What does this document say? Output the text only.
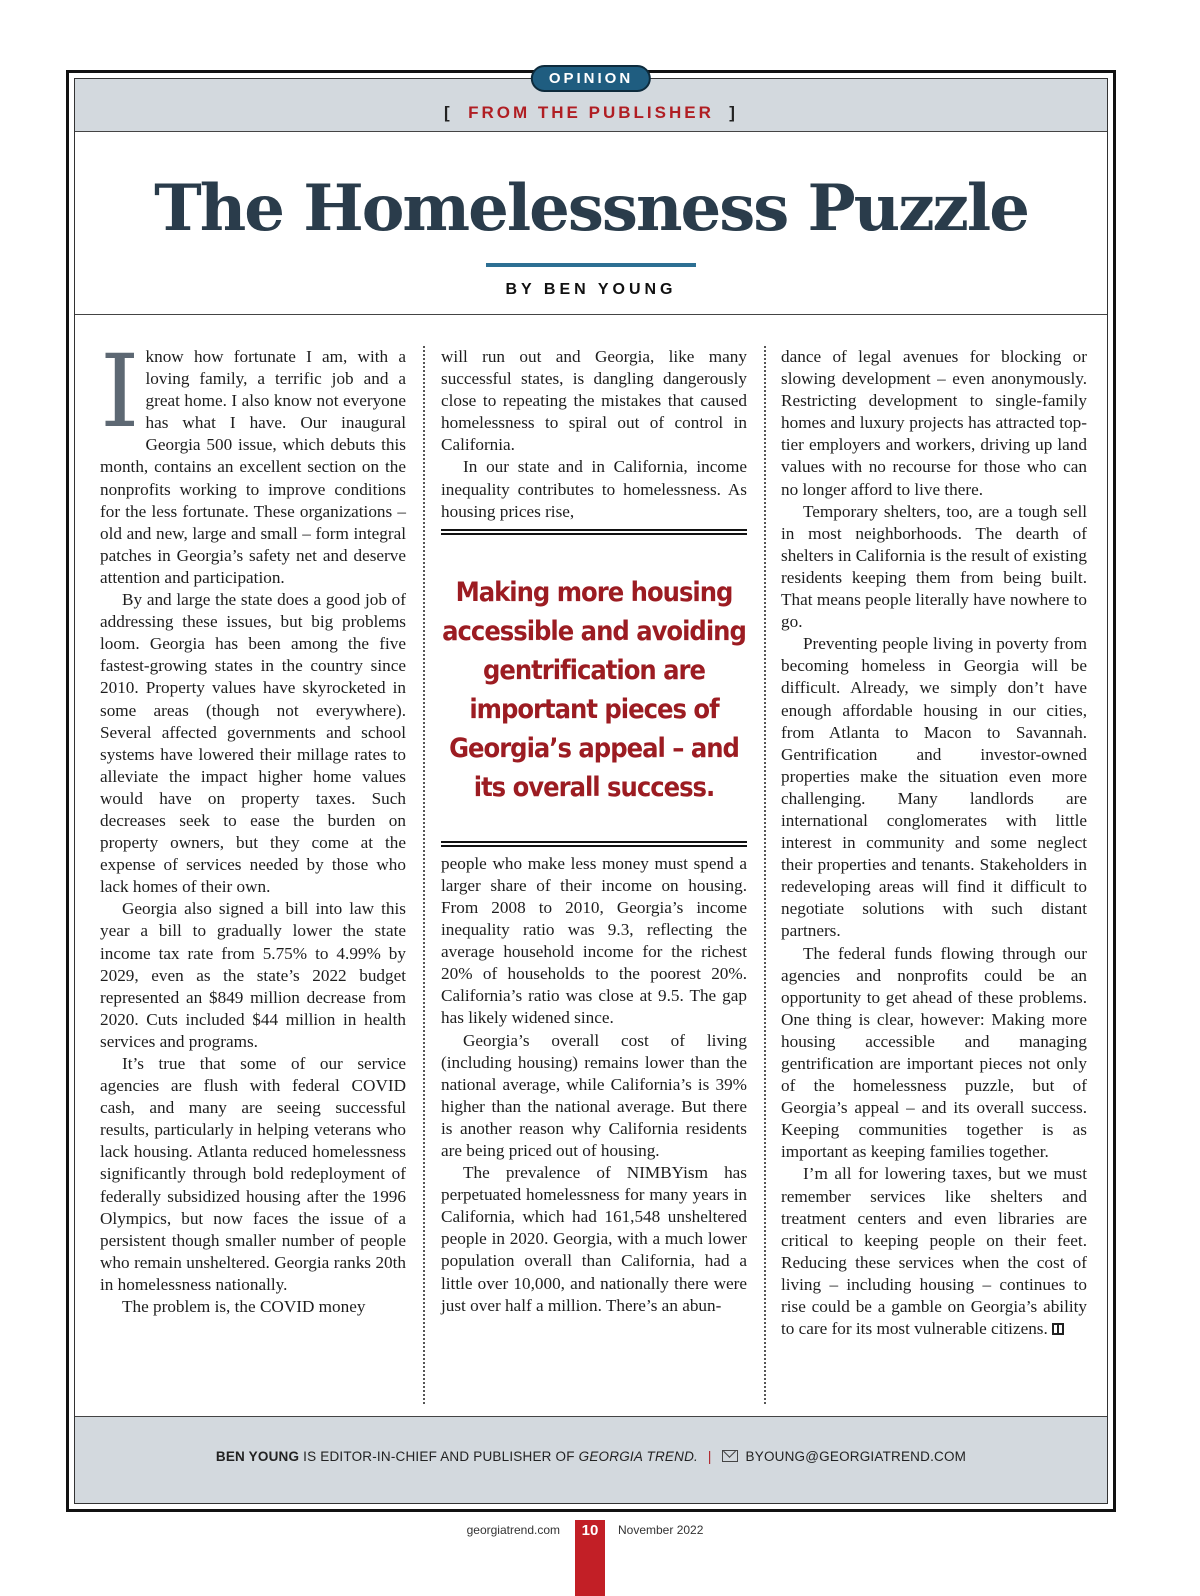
OPINION
[  FROM THE PUBLISHER  ]
The Homelessness Puzzle
BY BEN YOUNG

Iknow how fortunate I am, with a loving family, a terrific job and a great home. I also know not everyone has what I have. Our inaugural Georgia 500 issue, which debuts this month, contains an excellent section on the nonprofits working to improve conditions for the less fortunate. These organizations – old and new, large and small – form integral patches in Georgia’s safety net and deserve attention and participation.

By and large the state does a good job of addressing these issues, but big problems loom. Georgia has been among the five fastest-growing states in the country since 2010. Property values have skyrocketed in some areas (though not everywhere). Several affected governments and school systems have lowered their millage rates to alleviate the impact higher home values would have on property taxes. Such decreases seek to ease the burden on property owners, but they come at the expense of services needed by those who lack homes of their own.

Georgia also signed a bill into law this year a bill to gradually lower the state income tax rate from 5.75% to 4.99% by 2029, even as the state’s 2022 budget represented an $849 million decrease from 2020. Cuts included $44 million in health services and programs.

It’s true that some of our service agencies are flush with federal COVID cash, and many are seeing successful results, particularly in helping veterans who lack housing. Atlanta reduced homelessness significantly through bold redeployment of federally subsidized housing after the 1996 Olympics, but now faces the issue of a persistent though smaller number of people who remain unsheltered. Georgia ranks 20th in homelessness nationally.

The problem is, the COVID money

will run out and Georgia, like many successful states, is dangling dangerously close to repeating the mistakes that caused homelessness to spiral out of control in California.

In our state and in California, income inequality contributes to homelessness. As housing prices rise,

Making more housing accessible and avoiding gentrification are important pieces of Georgia’s appeal – and its overall success.

people who make less money must spend a larger share of their income on housing. From 2008 to 2010, Georgia’s income inequality ratio was 9.3, reflecting the average household income for the richest 20% of households to the poorest 20%. California’s ratio was close at 9.5. The gap has likely widened since.

Georgia’s overall cost of living (including housing) remains lower than the national average, while California’s is 39% higher than the national average. But there is another reason why California residents are being priced out of housing.

The prevalence of NIMBYism has perpetuated homelessness for many years in California, which had 161,548 unsheltered people in 2020. Georgia, with a much lower population overall than California, had a little over 10,000, and nationally there were just over half a million. There’s an abun-

dance of legal avenues for blocking or slowing development – even anonymously. Restricting development to single-family homes and luxury projects has attracted top-tier employers and workers, driving up land values with no recourse for those who can no longer afford to live there.

Temporary shelters, too, are a tough sell in most neighborhoods. The dearth of shelters in California is the result of existing residents keeping them from being built. That means people literally have nowhere to go.

Preventing people living in poverty from becoming homeless in Georgia will be difficult. Already, we simply don’t have enough affordable housing in our cities, from Atlanta to Macon to Savannah. Gentrification and investor-owned properties make the situation even more challenging. Many landlords are international conglomerates with little interest in community and some neglect their properties and tenants. Stakeholders in redeveloping areas will find it difficult to negotiate solutions with such distant partners.

The federal funds flowing through our agencies and nonprofits could be an opportunity to get ahead of these problems. One thing is clear, however: Making more housing accessible and managing gentrification are important pieces not only of the homelessness puzzle, but of Georgia’s appeal – and its overall success. Keeping communities together is as important as keeping families together.

I’m all for lowering taxes, but we must remember services like shelters and treatment centers and even libraries are critical to keeping people on their feet. Reducing these services when the cost of living – including housing – continues to rise could be a gamble on Georgia’s ability to care for its most vulnerable citizens.

BEN YOUNG IS EDITOR-IN-CHIEF AND PUBLISHER OF GEORGIA TREND. |	BYOUNG@GEORGIATREND.COM
georgiatrend.com	10	November 2022
